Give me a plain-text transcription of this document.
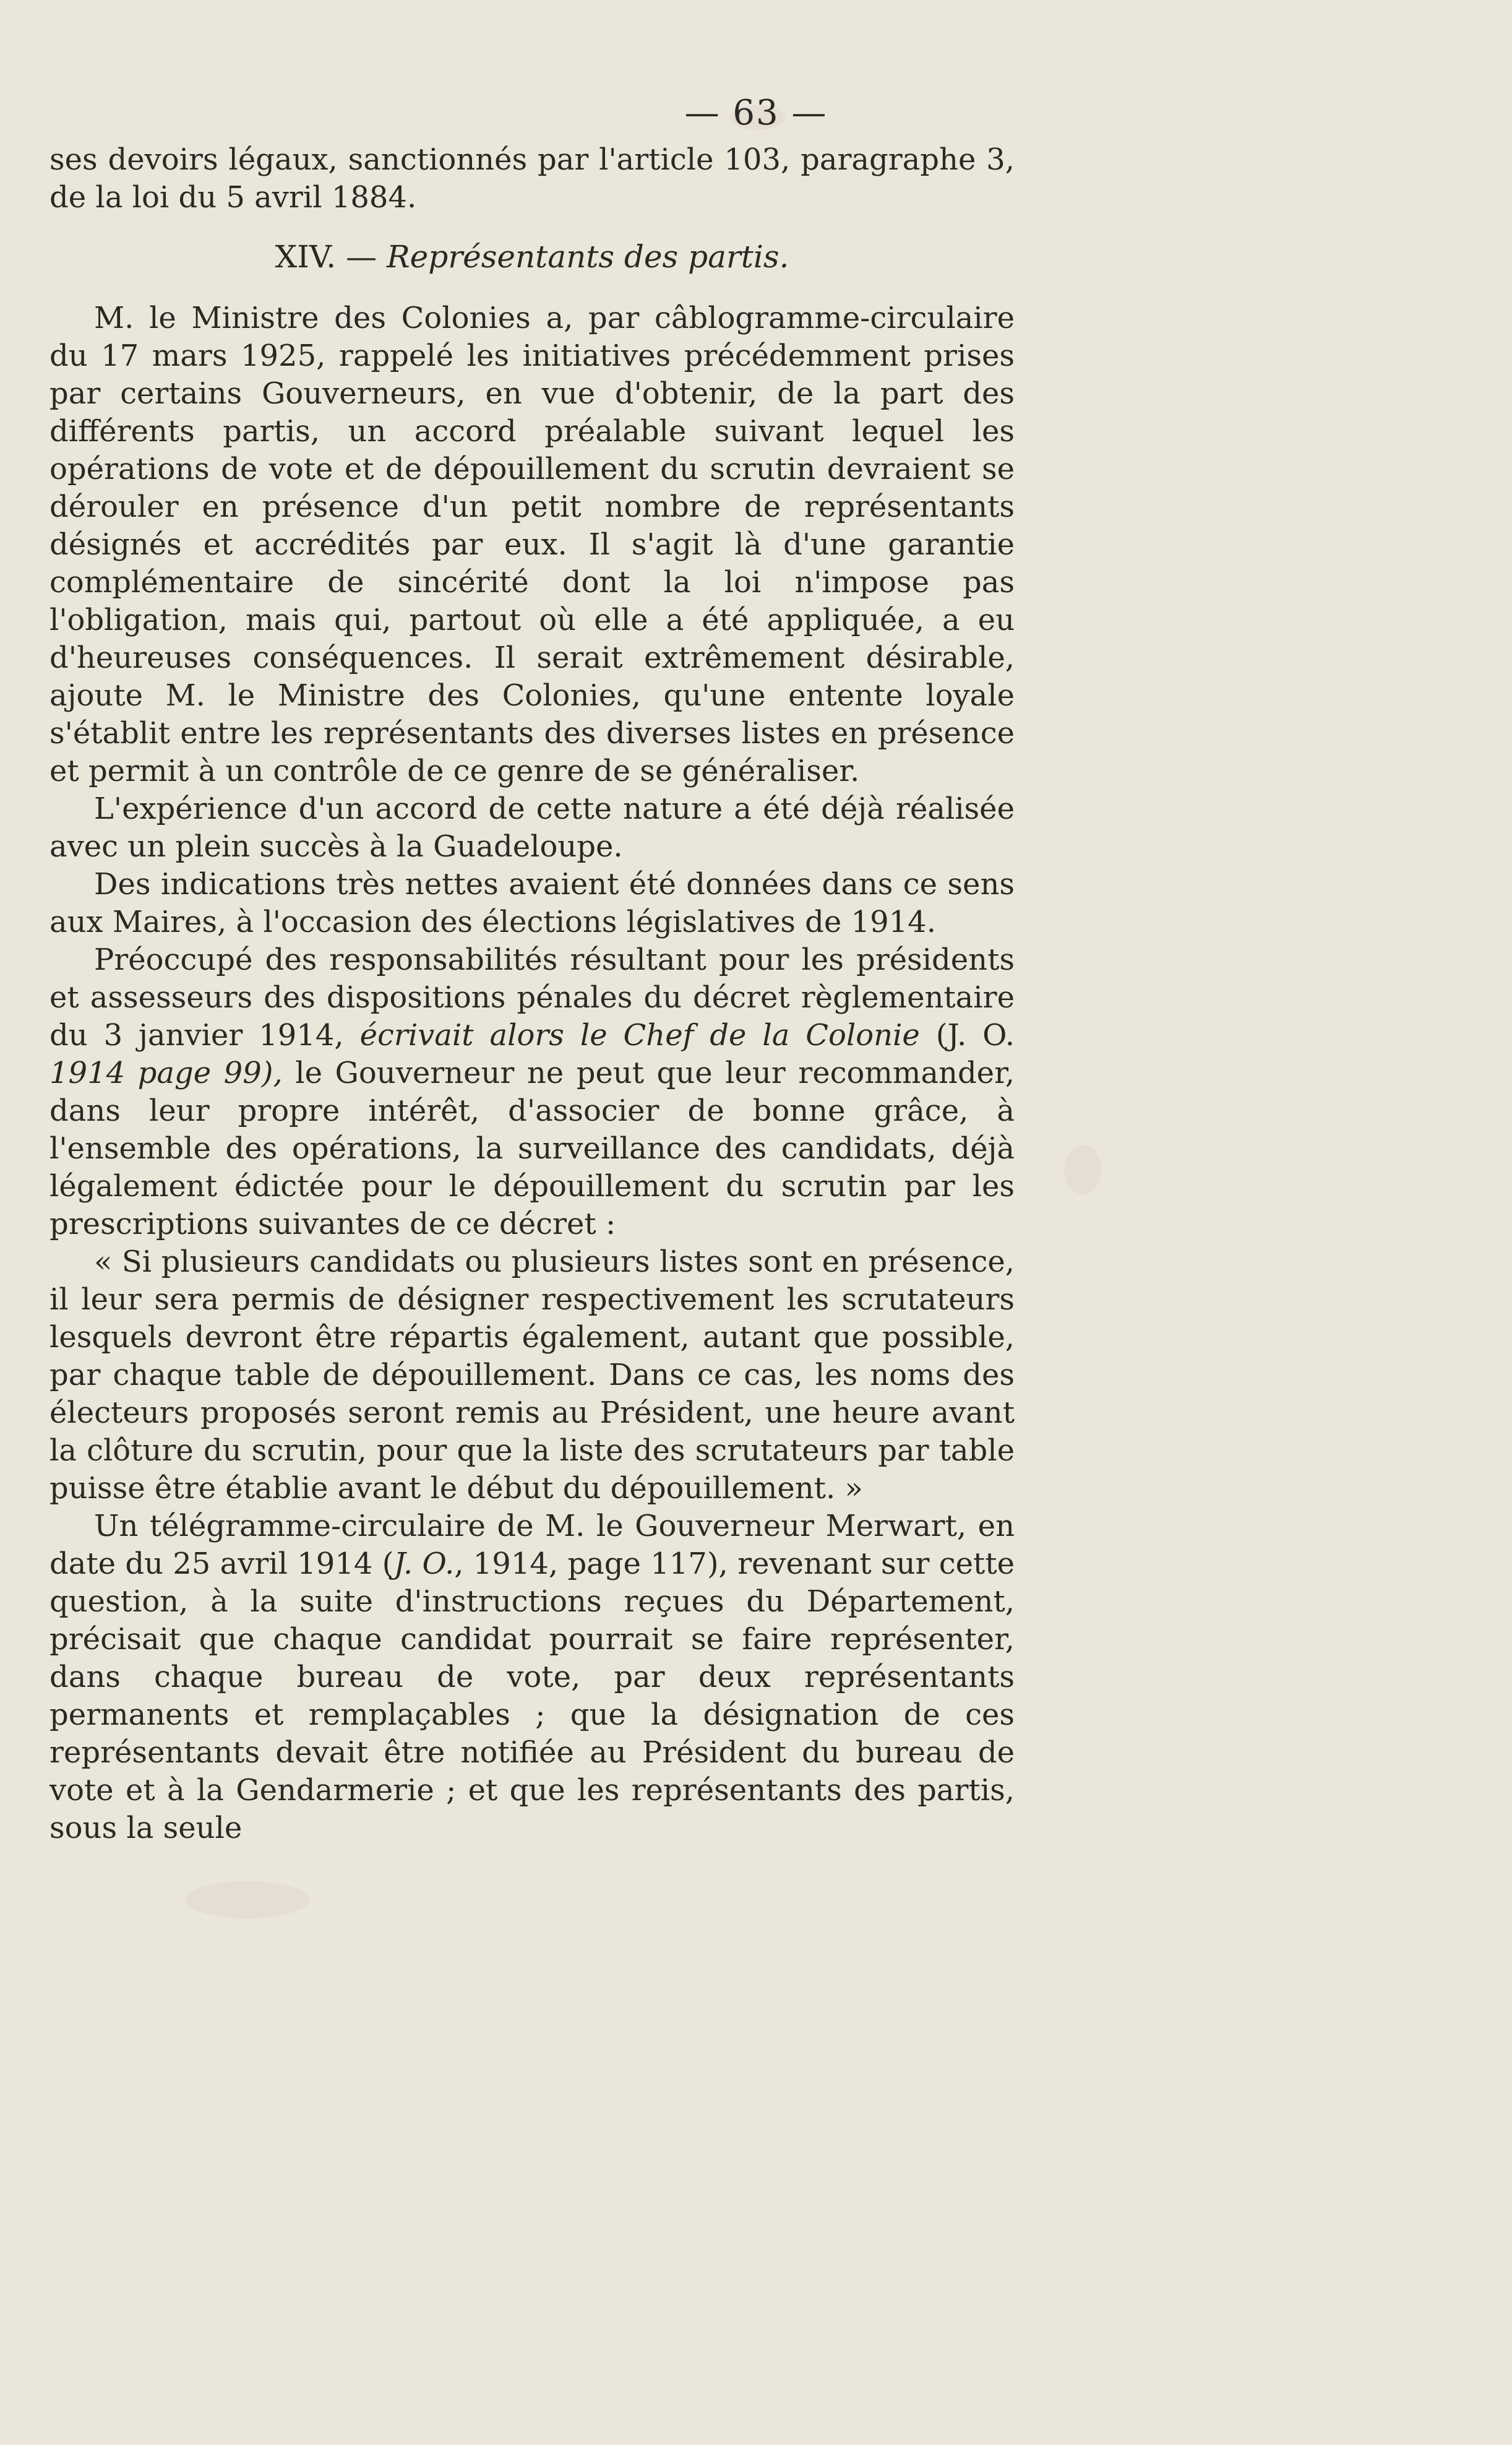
— 63 —

ses devoirs légaux, sanctionnés par l'article 103, paragraphe 3, de la loi du 5 avril 1884.

XIV. — Représentants des partis.

M. le Ministre des Colonies a, par câblogramme-circulaire du 17 mars 1925, rappelé les initiatives précédemment prises par certains Gouverneurs, en vue d'obtenir, de la part des différents partis, un accord préalable suivant lequel les opérations de vote et de dépouillement du scrutin devraient se dérouler en présence d'un petit nombre de représentants désignés et accrédités par eux. Il s'agit là d'une garantie complémentaire de sincérité dont la loi n'impose pas l'obligation, mais qui, partout où elle a été appliquée, a eu d'heureuses conséquences. Il serait extrêmement désirable, ajoute M. le Ministre des Colonies, qu'une entente loyale s'établit entre les représentants des diverses listes en présence et permit à un contrôle de ce genre de se généraliser.

L'expérience d'un accord de cette nature a été déjà réalisée avec un plein succès à la Guadeloupe.

Des indications très nettes avaient été données dans ce sens aux Maires, à l'occasion des élections législatives de 1914.

Préoccupé des responsabilités résultant pour les présidents et assesseurs des dispositions pénales du décret règlementaire du 3 janvier 1914, écrivait alors le Chef de la Colonie (J. O. 1914 page 99), le Gouverneur ne peut que leur recommander, dans leur propre intérêt, d'associer de bonne grâce, à l'ensemble des opérations, la surveillance des candidats, déjà légalement édictée pour le dépouillement du scrutin par les prescriptions suivantes de ce décret :

« Si plusieurs candidats ou plusieurs listes sont en présence, il leur sera permis de désigner respectivement les scrutateurs lesquels devront être répartis également, autant que possible, par chaque table de dépouillement. Dans ce cas, les noms des électeurs proposés seront remis au Président, une heure avant la clôture du scrutin, pour que la liste des scrutateurs par table puisse être établie avant le début du dépouillement. »

Un télégramme-circulaire de M. le Gouverneur Merwart, en date du 25 avril 1914 (J. O., 1914, page 117), revenant sur cette question, à la suite d'instructions reçues du Département, précisait que chaque candidat pourrait se faire représenter, dans chaque bureau de vote, par deux représentants permanents et remplaçables ; que la désignation de ces représentants devait être notifiée au Président du bureau de vote et à la Gendarmerie ; et que les représentants des partis, sous la seule
